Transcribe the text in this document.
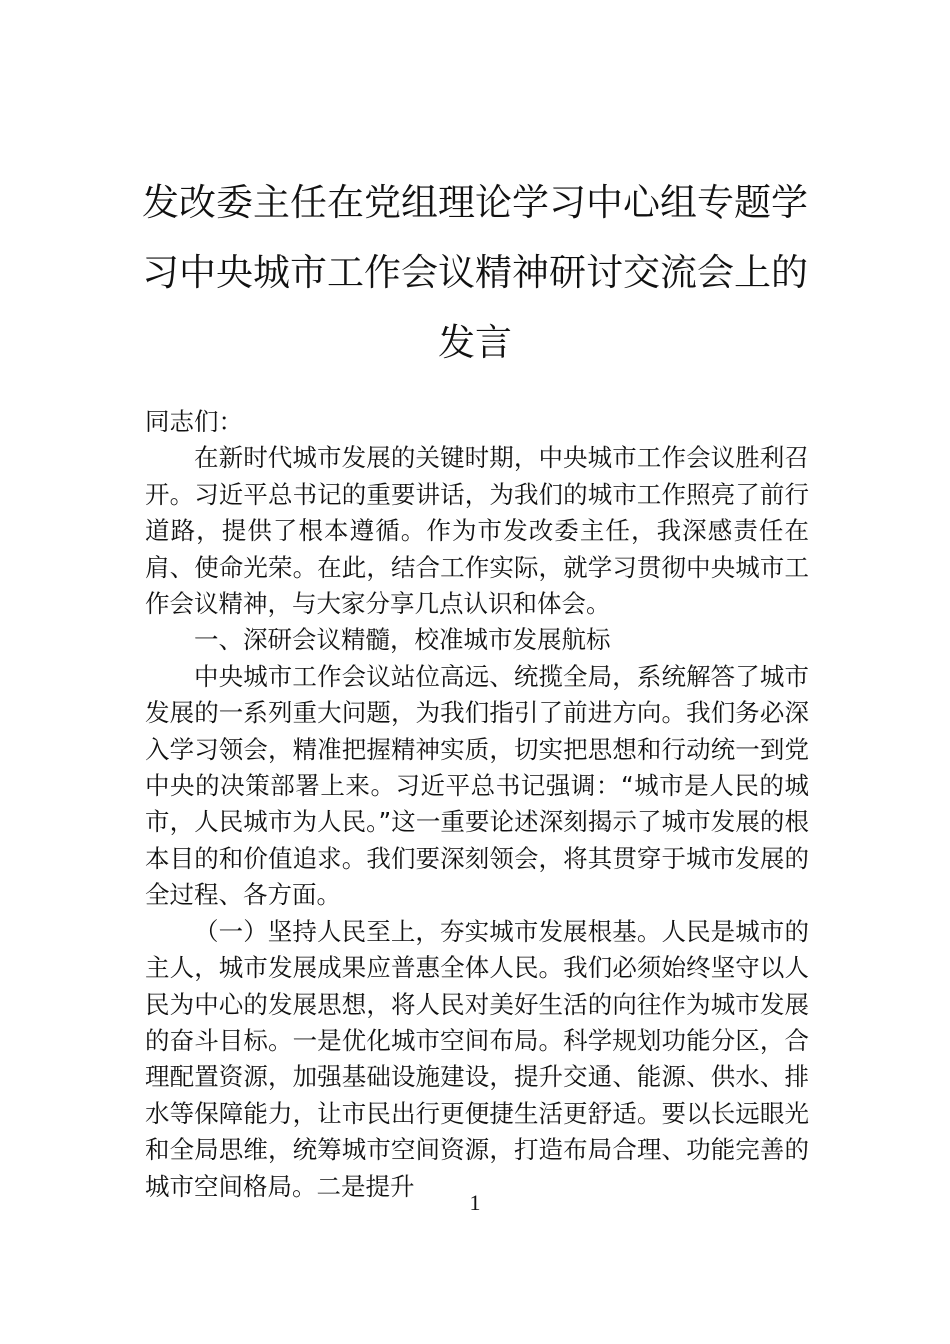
发改委主任在党组理论学习中心组专题学
习中央城市工作会议精神研讨交流会上的
发言

同志们：

在新时代城市发展的关键时期，中央城市工作会议胜利召开。习近平总书记的重要讲话，为我们的城市工作照亮了前行道路，提供了根本遵循。作为市发改委主任，我深感责任在肩、使命光荣。在此，结合工作实际，就学习贯彻中央城市工作会议精神，与大家分享几点认识和体会。

一、深研会议精髓，校准城市发展航标

中央城市工作会议站位高远、统揽全局，系统解答了城市发展的一系列重大问题，为我们指引了前进方向。我们务必深入学习领会，精准把握精神实质，切实把思想和行动统一到党中央的决策部署上来。习近平总书记强调：“城市是人民的城市，人民城市为人民。”这一重要论述深刻揭示了城市发展的根本目的和价值追求。我们要深刻领会，将其贯穿于城市发展的全过程、各方面。

（一）坚持人民至上，夯实城市发展根基。人民是城市的主人，城市发展成果应普惠全体人民。我们必须始终坚守以人民为中心的发展思想，将人民对美好生活的向往作为城市发展的奋斗目标。一是优化城市空间布局。科学规划功能分区，合理配置资源，加强基础设施建设，提升交通、能源、供水、排水等保障能力，让市民出行更便捷生活更舒适。要以长远眼光和全局思维，统筹城市空间资源，打造布局合理、功能完善的城市空间格局。二是提升

1
